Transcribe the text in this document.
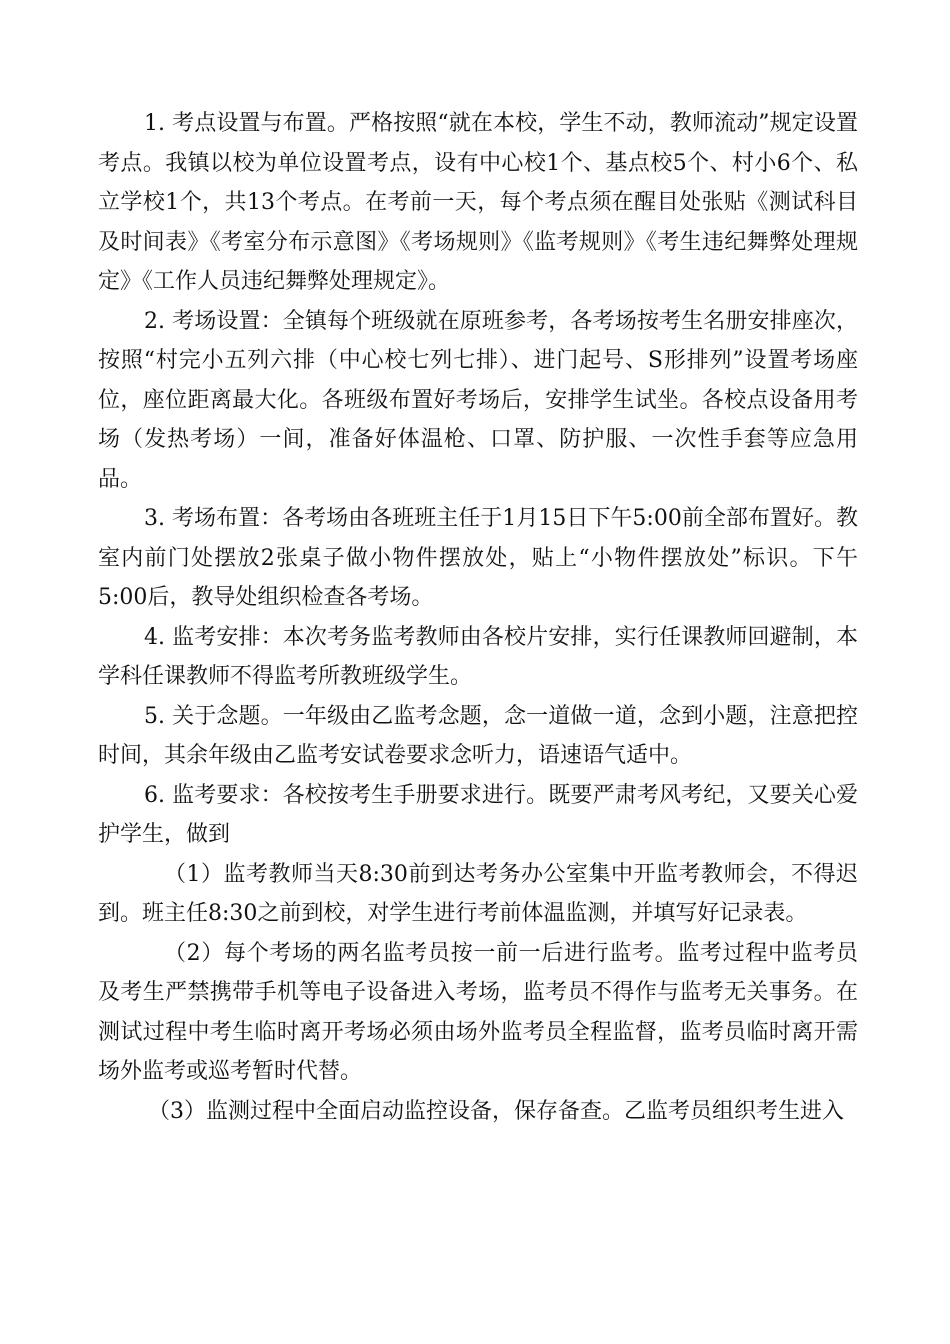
1. 考点设置与布置。严格按照“就在本校，学生不动，教师流动”规定设置考点。我镇以校为单位设置考点，设有中心校1个、基点校5个、村小6个、私立学校1个，共13个考点。在考前一天，每个考点须在醒目处张贴《测试科目及时间表》《考室分布示意图》《考场规则》《监考规则》《考生违纪舞弊处理规定》《工作人员违纪舞弊处理规定》。

2. 考场设置：全镇每个班级就在原班参考，各考场按考生名册安排座次，按照“村完小五列六排（中心校七列七排）、进门起号、S形排列”设置考场座位，座位距离最大化。各班级布置好考场后，安排学生试坐。各校点设备用考场（发热考场）一间，准备好体温枪、口罩、防护服、一次性手套等应急用品。

3. 考场布置：各考场由各班班主任于1月15日下午5:00前全部布置好。教室内前门处摆放2张桌子做小物件摆放处，贴上“小物件摆放处”标识。下午5:00后，教导处组织检查各考场。

4. 监考安排：本次考务监考教师由各校片安排，实行任课教师回避制，本学科任课教师不得监考所教班级学生。

5. 关于念题。一年级由乙监考念题，念一道做一道，念到小题，注意把控时间，其余年级由乙监考安试卷要求念听力，语速语气适中。

6. 监考要求：各校按考生手册要求进行。既要严肃考风考纪，又要关心爱护学生，做到

（1）监考教师当天8:30前到达考务办公室集中开监考教师会，不得迟到。班主任8:30之前到校，对学生进行考前体温监测，并填写好记录表。

（2）每个考场的两名监考员按一前一后进行监考。监考过程中监考员及考生严禁携带手机等电子设备进入考场，监考员不得作与监考无关事务。在测试过程中考生临时离开考场必须由场外监考员全程监督，监考员临时离开需场外监考或巡考暂时代替。

（3）监测过程中全面启动监控设备，保存备查。乙监考员组织考生进入
